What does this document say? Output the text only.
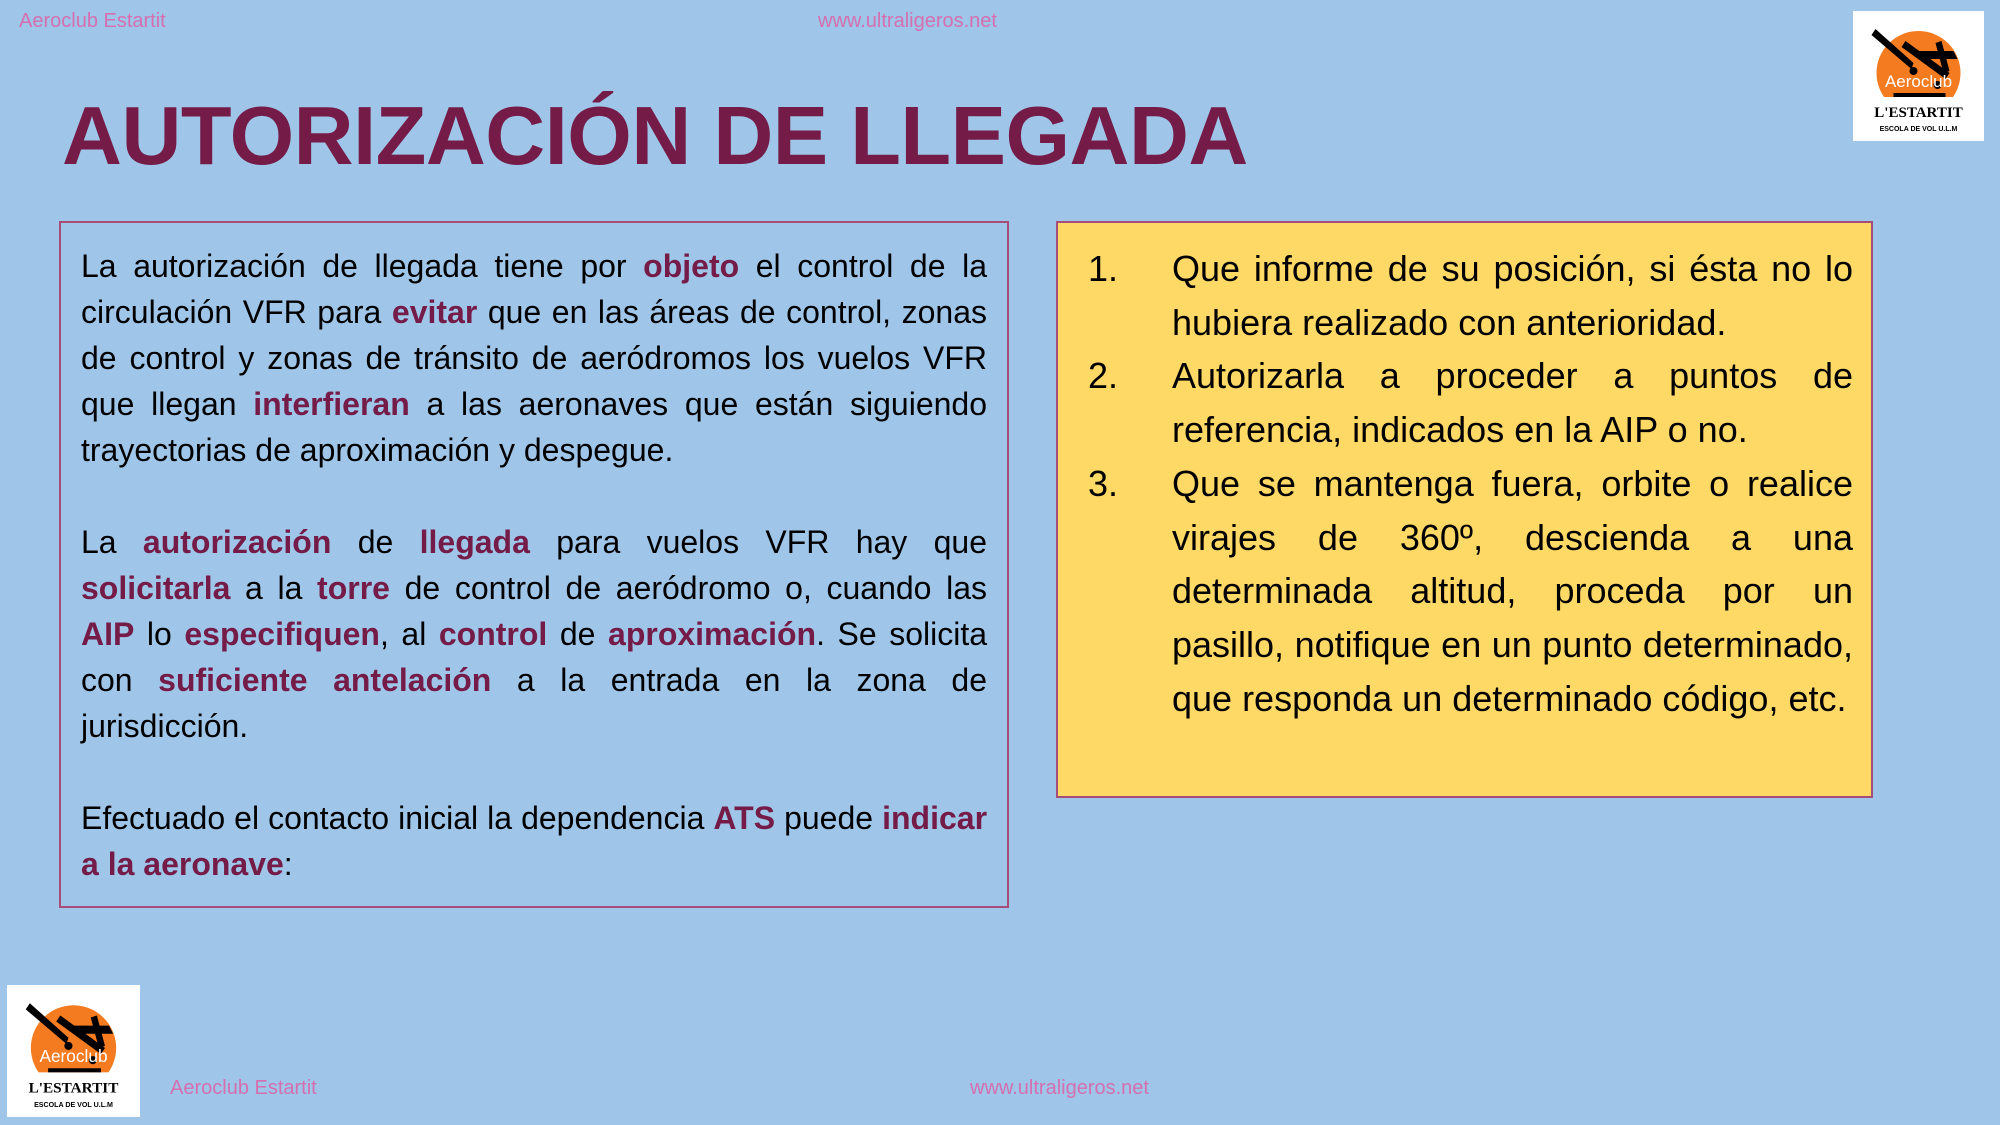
Aeroclub Estartit	www.ultraligeros.net
Aeroclub
L'ESTARTIT
ESCOLA DE VOL U.L.M
AUTORIZACIÓN DE LLEGADA

La autorización de llegada tiene por objeto el control de la circulación VFR para evitar que en las áreas de control, zonas de control y zonas de tránsito de aeródromos los vuelos VFR que llegan interfieran a las aeronaves que están siguiendo trayectorias de aproximación y despegue.

La autorización de llegada para vuelos VFR hay que solicitarla a la torre de control de aeródromo o, cuando las AIP lo especifiquen, al control de aproximación. Se solicita con suficiente antelación a la entrada en la zona de jurisdicción.

Efectuado el contacto inicial la dependencia ATS puede indicar a la aeronave:

1.	Que informe de su posición, si ésta no lo hubiera realizado con anterioridad.
2.	Autorizarla a proceder a puntos de referencia, indicados en la AIP o no.
3.	Que se mantenga fuera, orbite o realice virajes de 360º, descienda a una determinada altitud, proceda por un pasillo, notifique en un punto determinado, que responda un determinado código, etc.
Aeroclub
L'ESTARTIT
ESCOLA DE VOL U.L.M
Aeroclub Estartit	www.ultraligeros.net
